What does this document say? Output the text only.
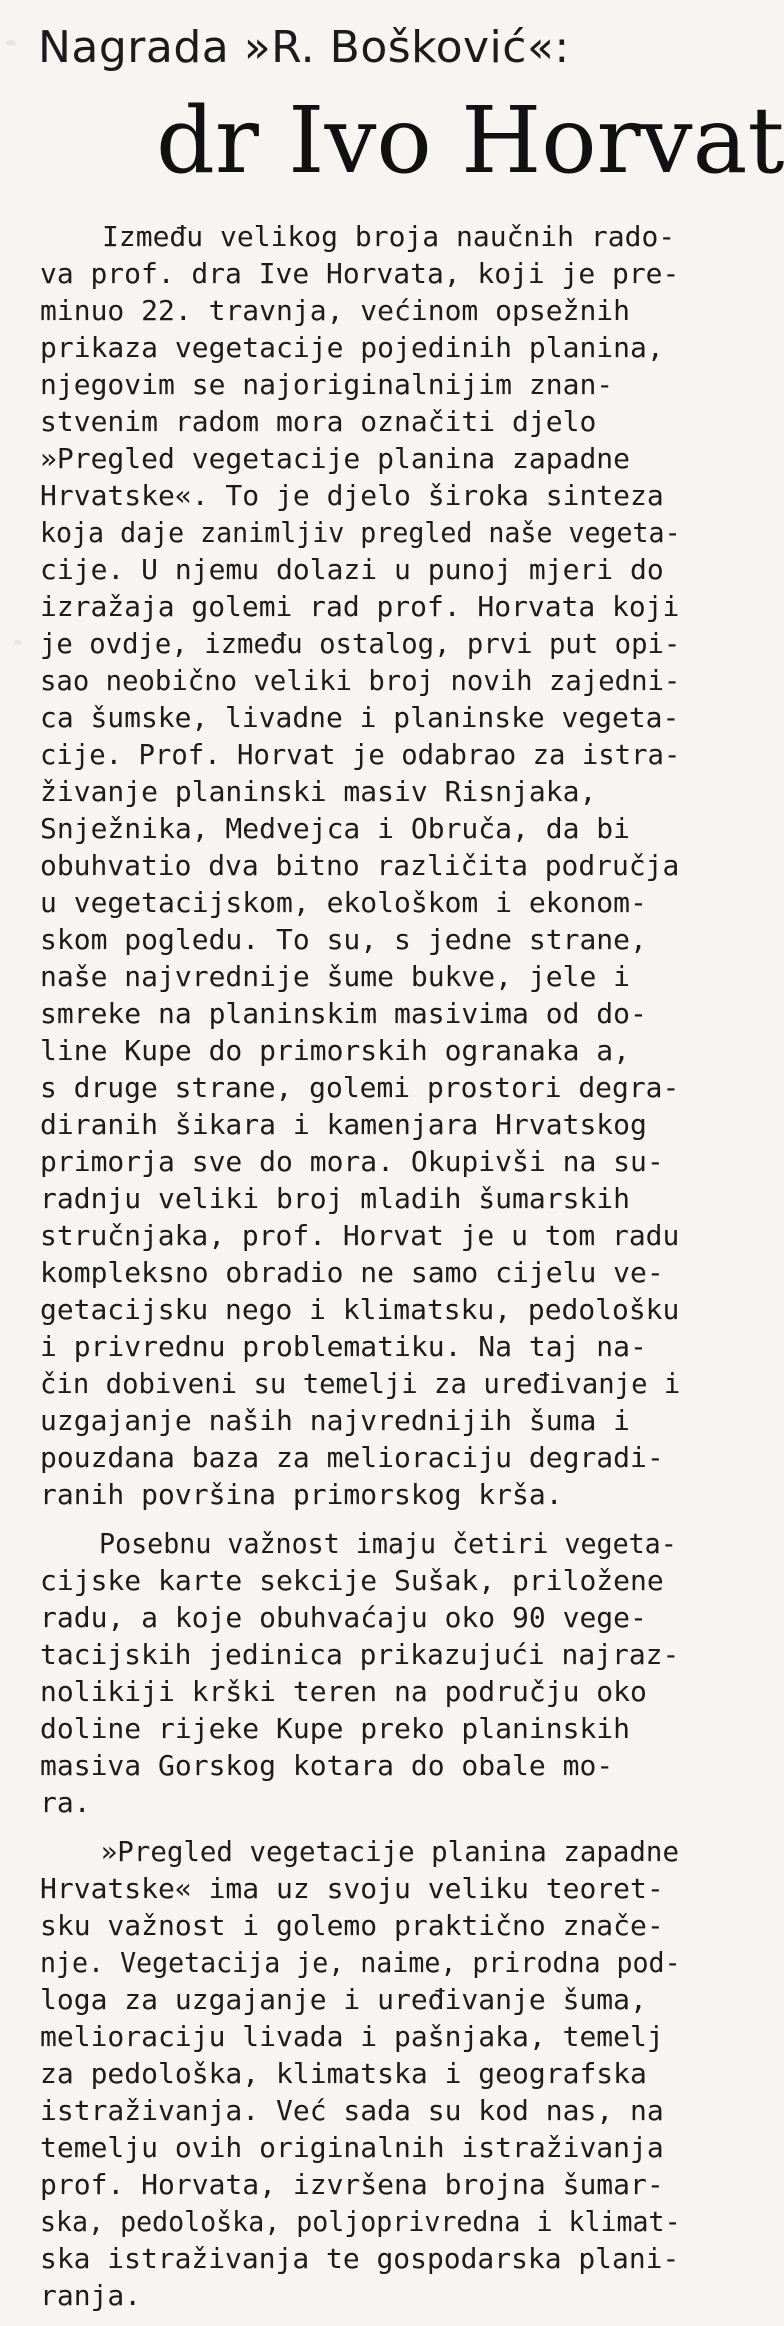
Nagrada »R. Bošković«:
dr Ivo Horvat
Između velikog broja naučnih rado-
va prof. dra Ive Horvata, koji je pre-
minuo 22. travnja, većinom opsežnih
prikaza vegetacije pojedinih planina,
njegovim se najoriginalnijim znan-
stvenim radom mora označiti djelo
»Pregled vegetacije planina zapadne
Hrvatske«. To je djelo široka sinteza
koja daje zanimljiv pregled naše vegeta-
cije. U njemu dolazi u punoj mjeri do
izražaja golemi rad prof. Horvata koji
je ovdje, između ostalog, prvi put opi-
sao neobično veliki broj novih zajedni-
ca šumske, livadne i planinske vegeta-
cije. Prof. Horvat je odabrao za istra-
živanje planinski masiv Risnjaka,
Snježnika, Medvejca i Obruča, da bi
obuhvatio dva bitno različita područja
u vegetacijskom, ekološkom i ekonom-
skom pogledu. To su, s jedne strane,
naše najvrednije šume bukve, jele i
smreke na planinskim masivima od do-
line Kupe do primorskih ogranaka a,
s druge strane, golemi prostori degra-
diranih šikara i kamenjara Hrvatskog
primorja sve do mora. Okupivši na su-
radnju veliki broj mladih šumarskih
stručnjaka, prof. Horvat je u tom radu
kompleksno obradio ne samo cijelu ve-
getacijsku nego i klimatsku, pedološku
i privrednu problematiku. Na taj na-
čin dobiveni su temelji za uređivanje i
uzgajanje naših najvrednijih šuma i
pouzdana baza za melioraciju degradi-
ranih površina primorskog krša.
Posebnu važnost imaju četiri vegeta-
cijske karte sekcije Sušak, priložene
radu, a koje obuhvaćaju oko 90 vege-
tacijskih jedinica prikazujući najraz-
nolikiji krški teren na području oko
doline rijeke Kupe preko planinskih
masiva Gorskog kotara do obale mo-
ra.
»Pregled vegetacije planina zapadne
Hrvatske« ima uz svoju veliku teoret-
sku važnost i golemo praktično znače-
nje. Vegetacija je, naime, prirodna pod-
loga za uzgajanje i uređivanje šuma,
melioraciju livada i pašnjaka, temelj
za pedološka, klimatska i geografska
istraživanja. Već sada su kod nas, na
temelju ovih originalnih istraživanja
prof. Horvata, izvršena brojna šumar-
ska, pedološka, poljoprivredna i klimat-
ska istraživanja te gospodarska plani-
ranja.
